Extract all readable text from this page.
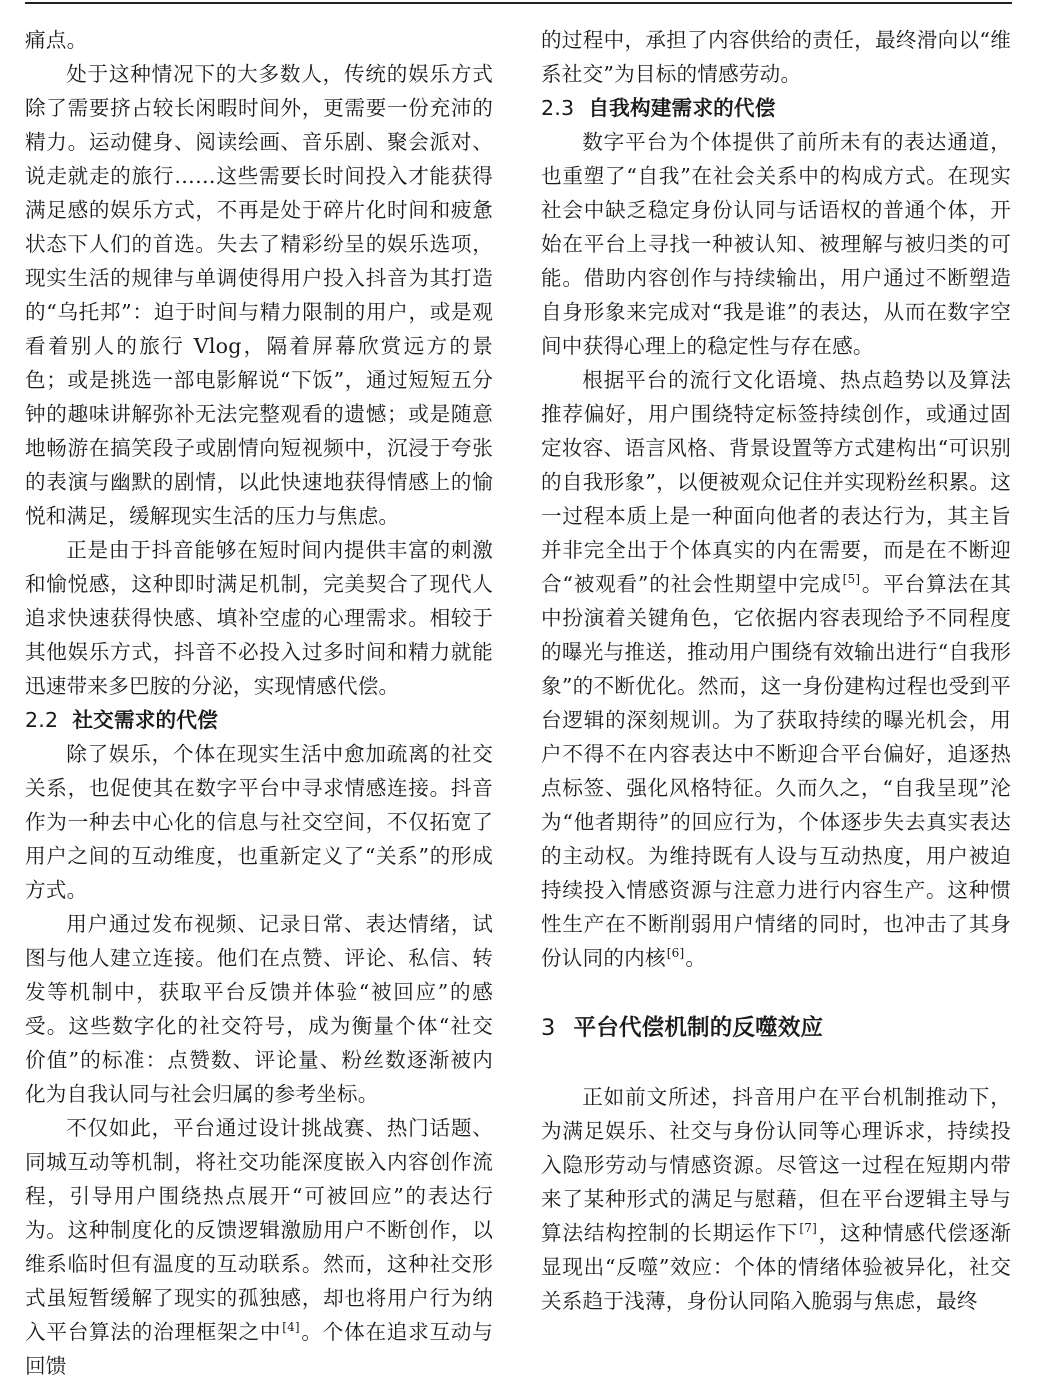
痛点。

处于这种情况下的大多数人，传统的娱乐方式除了需要挤占较长闲暇时间外，更需要一份充沛的精力。运动健身、阅读绘画、音乐剧、聚会派对、说走就走的旅行……这些需要长时间投入才能获得满足感的娱乐方式，不再是处于碎片化时间和疲惫状态下人们的首选。失去了精彩纷呈的娱乐选项，现实生活的规律与单调使得用户投入抖音为其打造的“乌托邦”：迫于时间与精力限制的用户，或是观看着别人的旅行 Vlog，隔着屏幕欣赏远方的景色；或是挑选一部电影解说“下饭”，通过短短五分钟的趣味讲解弥补无法完整观看的遗憾；或是随意地畅游在搞笑段子或剧情向短视频中，沉浸于夸张的表演与幽默的剧情，以此快速地获得情感上的愉悦和满足，缓解现实生活的压力与焦虑。

正是由于抖音能够在短时间内提供丰富的刺激和愉悦感，这种即时满足机制，完美契合了现代人追求快速获得快感、填补空虚的心理需求。相较于其他娱乐方式，抖音不必投入过多时间和精力就能迅速带来多巴胺的分泌，实现情感代偿。

2.2 社交需求的代偿

除了娱乐，个体在现实生活中愈加疏离的社交关系，也促使其在数字平台中寻求情感连接。抖音作为一种去中心化的信息与社交空间，不仅拓宽了用户之间的互动维度，也重新定义了“关系”的形成方式。

用户通过发布视频、记录日常、表达情绪，试图与他人建立连接。他们在点赞、评论、私信、转发等机制中，获取平台反馈并体验“被回应”的感受。这些数字化的社交符号，成为衡量个体“社交价值”的标准：点赞数、评论量、粉丝数逐渐被内化为自我认同与社会归属的参考坐标。

不仅如此，平台通过设计挑战赛、热门话题、同城互动等机制，将社交功能深度嵌入内容创作流程，引导用户围绕热点展开“可被回应”的表达行为。这种制度化的反馈逻辑激励用户不断创作，以维系临时但有温度的互动联系。然而，这种社交形式虽短暂缓解了现实的孤独感，却也将用户行为纳入平台算法的治理框架之中[4]。个体在追求互动与回馈

的过程中，承担了内容供给的责任，最终滑向以“维系社交”为目标的情感劳动。

2.3 自我构建需求的代偿

数字平台为个体提供了前所未有的表达通道，也重塑了“自我”在社会关系中的构成方式。在现实社会中缺乏稳定身份认同与话语权的普通个体，开始在平台上寻找一种被认知、被理解与被归类的可能。借助内容创作与持续输出，用户通过不断塑造自身形象来完成对“我是谁”的表达，从而在数字空间中获得心理上的稳定性与存在感。

根据平台的流行文化语境、热点趋势以及算法推荐偏好，用户围绕特定标签持续创作，或通过固定妆容、语言风格、背景设置等方式建构出“可识别的自我形象”，以便被观众记住并实现粉丝积累。这一过程本质上是一种面向他者的表达行为，其主旨并非完全出于个体真实的内在需要，而是在不断迎合“被观看”的社会性期望中完成[5]。平台算法在其中扮演着关键角色，它依据内容表现给予不同程度的曝光与推送，推动用户围绕有效输出进行“自我形象”的不断优化。然而，这一身份建构过程也受到平台逻辑的深刻规训。为了获取持续的曝光机会，用户不得不在内容表达中不断迎合平台偏好，追逐热点标签、强化风格特征。久而久之，“自我呈现”沦为“他者期待”的回应行为，个体逐步失去真实表达的主动权。为维持既有人设与互动热度，用户被迫持续投入情感资源与注意力进行内容生产。这种惯性生产在不断削弱用户情绪的同时，也冲击了其身份认同的内核[6]。

3 平台代偿机制的反噬效应

正如前文所述，抖音用户在平台机制推动下，为满足娱乐、社交与身份认同等心理诉求，持续投入隐形劳动与情感资源。尽管这一过程在短期内带来了某种形式的满足与慰藉，但在平台逻辑主导与算法结构控制的长期运作下[7]，这种情感代偿逐渐显现出“反噬”效应：个体的情绪体验被异化，社交关系趋于浅薄，身份认同陷入脆弱与焦虑，最终
